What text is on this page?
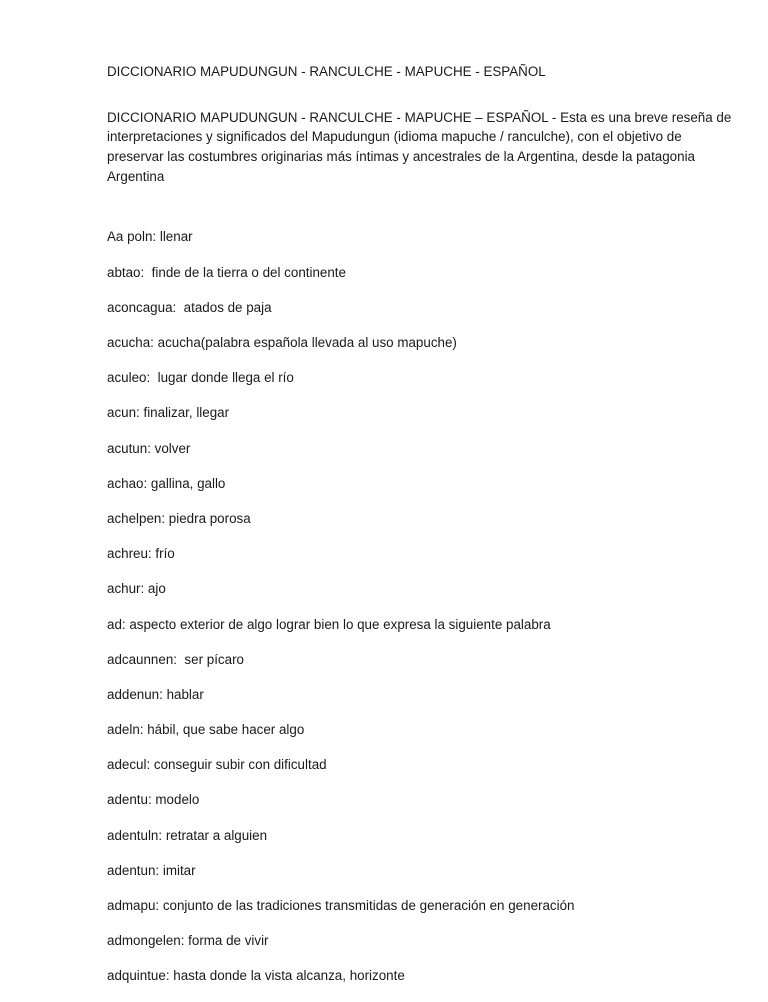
DICCIONARIO MAPUDUNGUN - RANCULCHE - MAPUCHE - ESPAÑOL
DICCIONARIO MAPUDUNGUN - RANCULCHE - MAPUCHE – ESPAÑOL - Esta es una breve reseña de
interpretaciones y significados del Mapudungun (idioma mapuche / ranculche), con el objetivo de
preservar las costumbres originarias más íntimas y ancestrales de la Argentina, desde la patagonia
Argentina
Aa poln: llenar
abtao:  finde de la tierra o del continente
aconcagua:  atados de paja
acucha: acucha(palabra española llevada al uso mapuche)
aculeo:  lugar donde llega el río
acun: finalizar, llegar
acutun: volver
achao: gallina, gallo
achelpen: piedra porosa
achreu: frío
achur: ajo
ad: aspecto exterior de algo lograr bien lo que expresa la siguiente palabra
adcaunnen:  ser pícaro
addenun: hablar
adeln: hábil, que sabe hacer algo
adecul: conseguir subir con dificultad
adentu: modelo
adentuln: retratar a alguien
adentun: imitar
admapu: conjunto de las tradiciones transmitidas de generación en generación
admongelen: forma de vivir
adquintue: hasta donde la vista alcanza, horizonte
